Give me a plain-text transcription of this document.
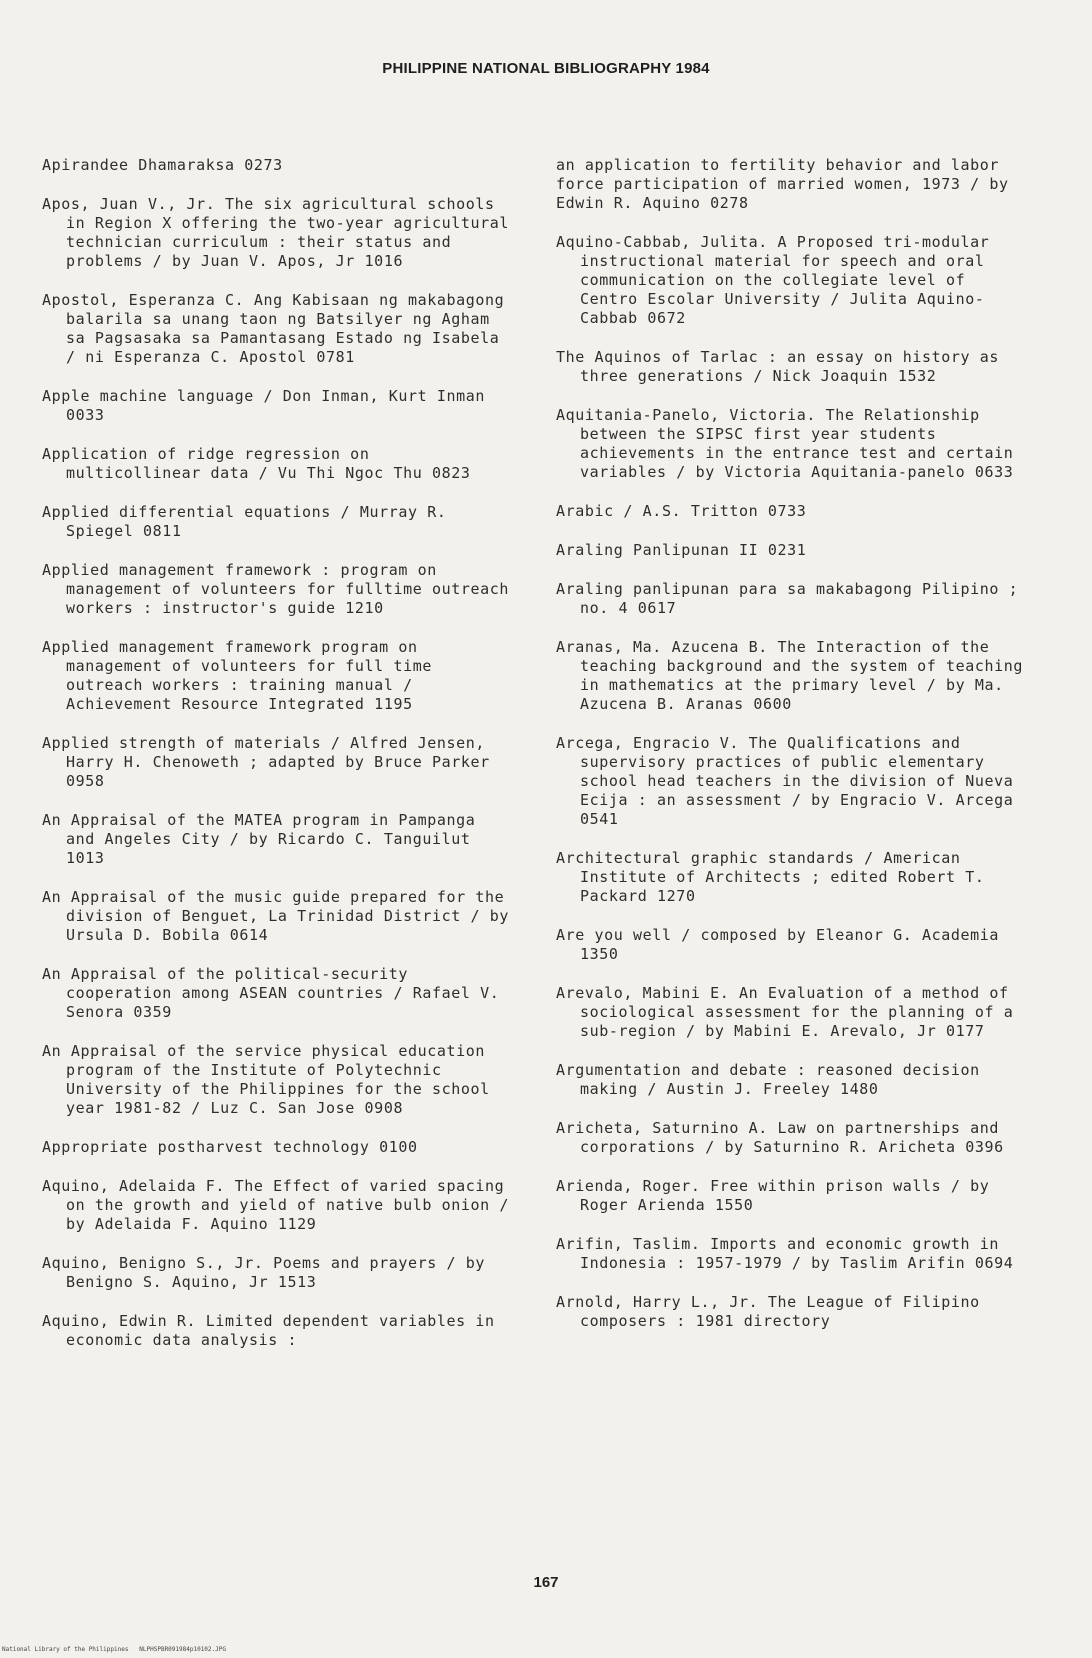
PHILIPPINE NATIONAL BIBLIOGRAPHY 1984

Apirandee Dhamaraksa 0273

Apos, Juan V., Jr. The six agricultural schools in Region X offering the two-year agricultural technician curriculum : their status and problems / by Juan V. Apos, Jr 1016

Apostol, Esperanza C. Ang Kabisaan ng makabagong balarila sa unang taon ng Batsilyer ng Agham sa Pagsasaka sa Pamantasang Estado ng Isabela / ni Esperanza C. Apostol 0781

Apple machine language / Don Inman, Kurt Inman 0033

Application of ridge regression on multicollinear data / Vu Thi Ngoc Thu 0823

Applied differential equations / Murray R. Spiegel 0811

Applied management framework : program on management of volunteers for fulltime outreach workers : instructor's guide 1210

Applied management framework program on management of volunteers for full time outreach workers : training manual / Achievement Resource Integrated 1195

Applied strength of materials / Alfred Jensen, Harry H. Chenoweth ; adapted by Bruce Parker 0958

An Appraisal of the MATEA program in Pampanga and Angeles City / by Ricardo C. Tanguilut 1013

An Appraisal of the music guide prepared for the division of Benguet, La Trinidad District / by Ursula D. Bobila 0614

An Appraisal of the political-security cooperation among ASEAN countries / Rafael V. Senora 0359

An Appraisal of the service physical education program of the Institute of Polytechnic University of the Philippines for the school year 1981-82 / Luz C. San Jose 0908

Appropriate postharvest technology 0100

Aquino, Adelaida F. The Effect of varied spacing on the growth and yield of native bulb onion / by Adelaida F. Aquino 1129

Aquino, Benigno S., Jr. Poems and prayers / by Benigno S. Aquino, Jr 1513

Aquino, Edwin R. Limited dependent variables in economic data analysis :

an application to fertility behavior and labor force participation of married women, 1973 / by Edwin R. Aquino 0278

Aquino-Cabbab, Julita. A Proposed tri-modular instructional material for speech and oral communication on the collegiate level of Centro Escolar University / Julita Aquino-Cabbab 0672

The Aquinos of Tarlac : an essay on history as three generations / Nick Joaquin 1532

Aquitania-Panelo, Victoria. The Relationship between the SIPSC first year students achievements in the entrance test and certain variables / by Victoria Aquitania-panelo 0633

Arabic / A.S. Tritton 0733

Araling Panlipunan II 0231

Araling panlipunan para sa makabagong Pilipino ; no. 4 0617

Aranas, Ma. Azucena B. The Interaction of the teaching background and the system of teaching in mathematics at the primary level / by Ma. Azucena B. Aranas 0600

Arcega, Engracio V. The Qualifications and supervisory practices of public elementary school head teachers in the division of Nueva Ecija : an assessment / by Engracio V. Arcega 0541

Architectural graphic standards / American Institute of Architects ; edited Robert T. Packard 1270

Are you well / composed by Eleanor G. Academia 1350

Arevalo, Mabini E. An Evaluation of a method of sociological assessment for the planning of a sub-region / by Mabini E. Arevalo, Jr 0177

Argumentation and debate : reasoned decision making / Austin J. Freeley 1480

Aricheta, Saturnino A. Law on partnerships and corporations / by Saturnino R. Aricheta 0396

Arienda, Roger. Free within prison walls / by Roger Arienda 1550

Arifin, Taslim. Imports and economic growth in Indonesia : 1957-1979 / by Taslim Arifin 0694

Arnold, Harry L., Jr. The League of Filipino composers : 1981 directory

167
National Library of the Philippines NLPHSPBR091984p10102.JPG
